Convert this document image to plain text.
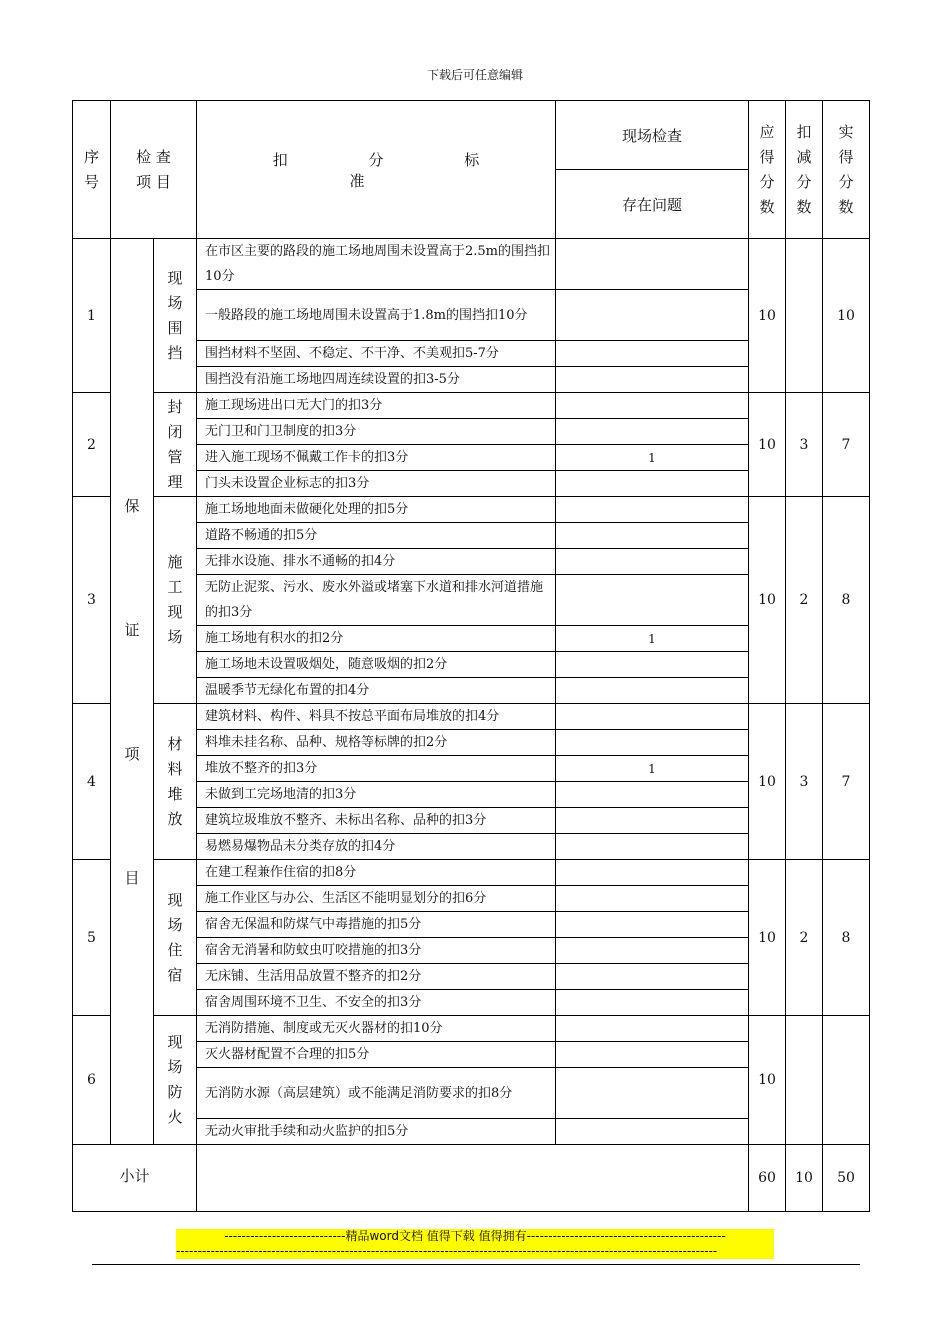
下载后可任意编辑
序号	检 查 项 目		扣 分 标 准	现场检查	应得分数	扣减分数	实得分数
				存在问题			
1	保证项目	现场围挡	在市区主要的路段的施工场地周围未设置高于2.5m的围挡扣10分		10		10
			一般路段的施工场地周围未设置高于1.8m的围挡扣10分				
			围挡材料不坚固、不稳定、不干净、不美观扣5-7分				
			围挡没有沿施工场地四周连续设置的扣3-5分				
2		封闭管理	施工现场进出口无大门的扣3分		10	3	7
			无门卫和门卫制度的扣3分				
			进入施工现场不佩戴工作卡的扣3分	1			
			门头未设置企业标志的扣3分				
3		施工现场	施工场地地面未做硬化处理的扣5分		10	2	8
			道路不畅通的扣5分				
			无排水设施、排水不通畅的扣4分				
			无防止泥浆、污水、废水外溢或堵塞下水道和排水河道措施的扣3分				
			施工场地有积水的扣2分	1			
			施工场地未设置吸烟处，随意吸烟的扣2分				
			温暖季节无绿化布置的扣4分				
4		材料堆放	建筑材料、构件、料具不按总平面布局堆放的扣4分		10	3	7
			料堆未挂名称、品种、规格等标牌的扣2分				
			堆放不整齐的扣3分	1			
			未做到工完场地清的扣3分				
			建筑垃圾堆放不整齐、未标出名称、品种的扣3分				
			易燃易爆物品未分类存放的扣4分				
5		现场住宿	在建工程兼作住宿的扣8分		10	2	8
			施工作业区与办公、生活区不能明显划分的扣6分				
			宿舍无保温和防煤气中毒措施的扣5分				
			宿舍无消暑和防蚊虫叮咬措施的扣3分				
			无床铺、生活用品放置不整齐的扣2分				
			宿舍周围环境不卫生、不安全的扣3分				
6		现场防火	无消防措施、制度或无灭火器材的扣10分		10		
			灭火器材配置不合理的扣5分				
			无消防水源（高层建筑）或不能满足消防要求的扣8分				
			无动火审批手续和动火监护的扣5分				
小计					60	10	50
----------------------------精品word文档 值得下载 值得拥有----------------------------------------------
-----------------------------------------------------------------------------------------------------------------------------
